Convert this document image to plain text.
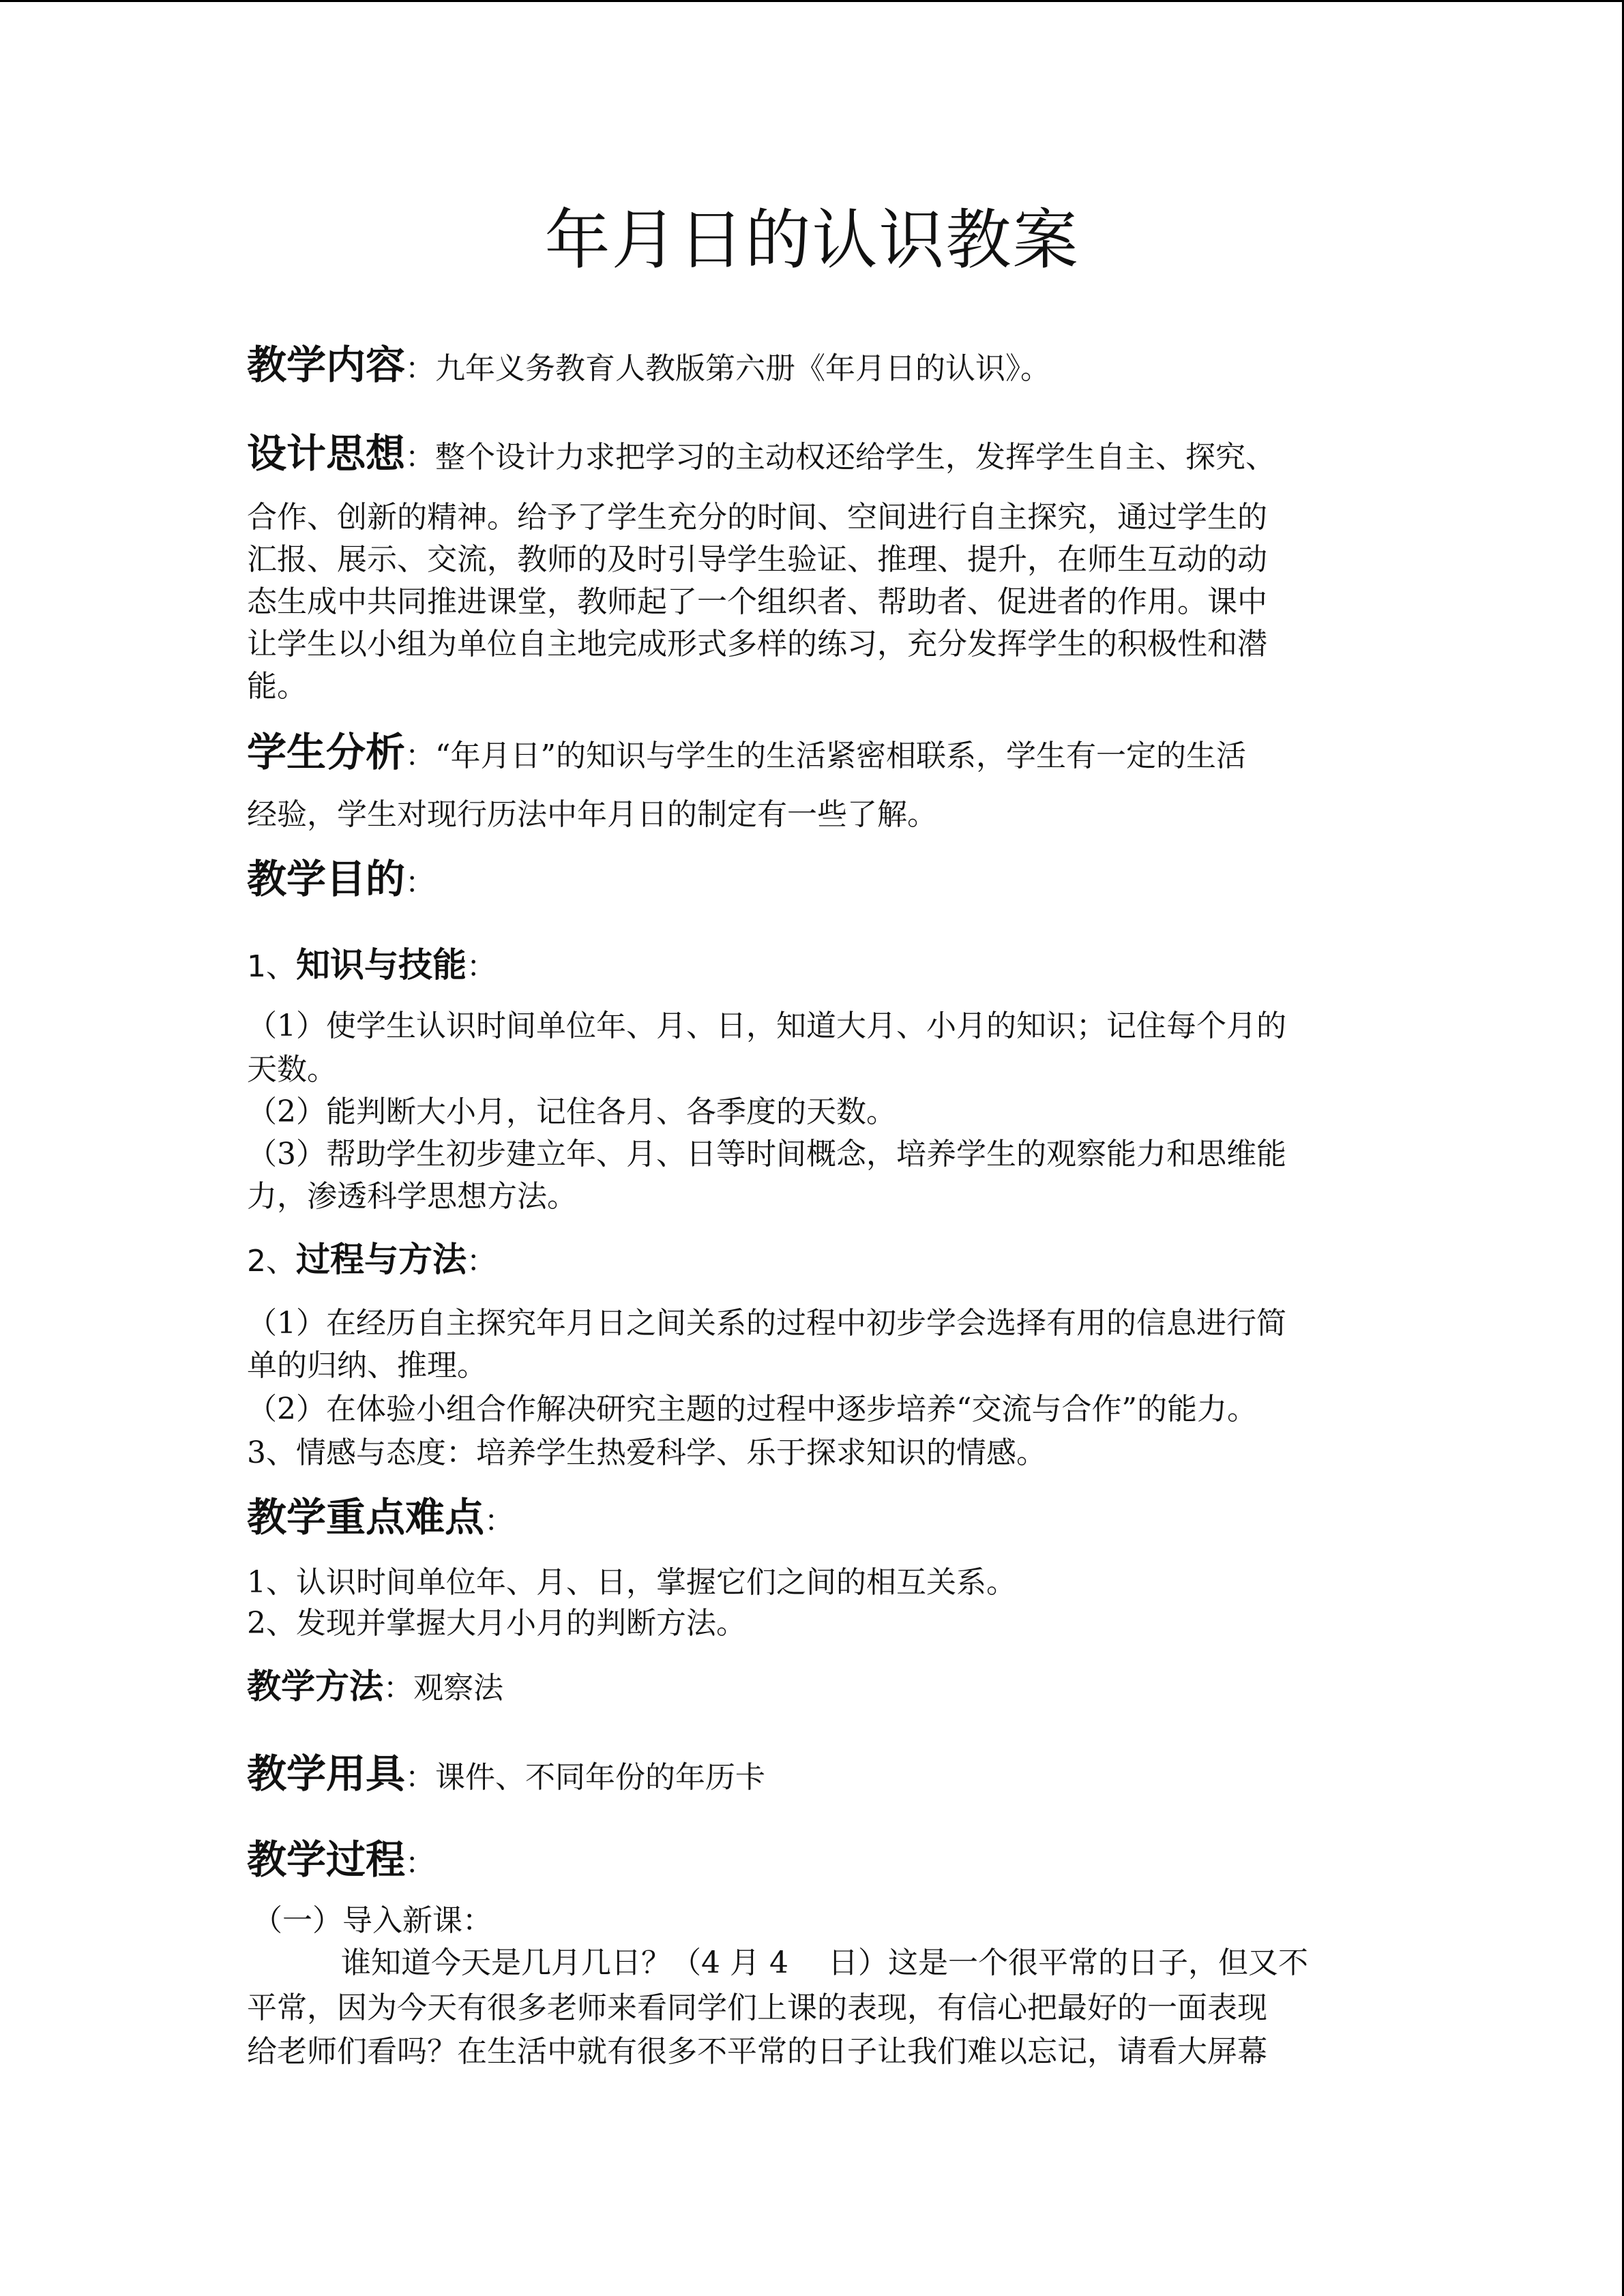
年月日的认识教案
教学内容：九年义务教育人教版第六册《年月日的认识》。
设计思想：整个设计力求把学习的主动权还给学生，发挥学生自主、探究、
合作、创新的精神。给予了学生充分的时间、空间进行自主探究，通过学生的
汇报、展示、交流，教师的及时引导学生验证、推理、提升，在师生互动的动
态生成中共同推进课堂，教师起了一个组织者、帮助者、促进者的作用。课中
让学生以小组为单位自主地完成形式多样的练习，充分发挥学生的积极性和潜
能。
学生分析：“年月日”的知识与学生的生活紧密相联系，学生有一定的生活
经验，学生对现行历法中年月日的制定有一些了解。
教学目的：
1、知识与技能：
（1）使学生认识时间单位年、月、日，知道大月、小月的知识；记住每个月的
天数。
（2）能判断大小月，记住各月、各季度的天数。
（3）帮助学生初步建立年、月、日等时间概念，培养学生的观察能力和思维能
力，渗透科学思想方法。
2、过程与方法：
（1）在经历自主探究年月日之间关系的过程中初步学会选择有用的信息进行简
单的归纳、推理。
（2）在体验小组合作解决研究主题的过程中逐步培养“交流与合作”的能力。
3、情感与态度：培养学生热爱科学、乐于探求知识的情感。
教学重点难点：
1、认识时间单位年、月、日，掌握它们之间的相互关系。
2、发现并掌握大月小月的判断方法。
教学方法：观察法
教学用具：课件、不同年份的年历卡
教学过程：
（一）导入新课：
谁知道今天是几月几日？（4 月 4　 日）这是一个很平常的日子，但又不
平常，因为今天有很多老师来看同学们上课的表现，有信心把最好的一面表现
给老师们看吗？在生活中就有很多不平常的日子让我们难以忘记，请看大屏幕
